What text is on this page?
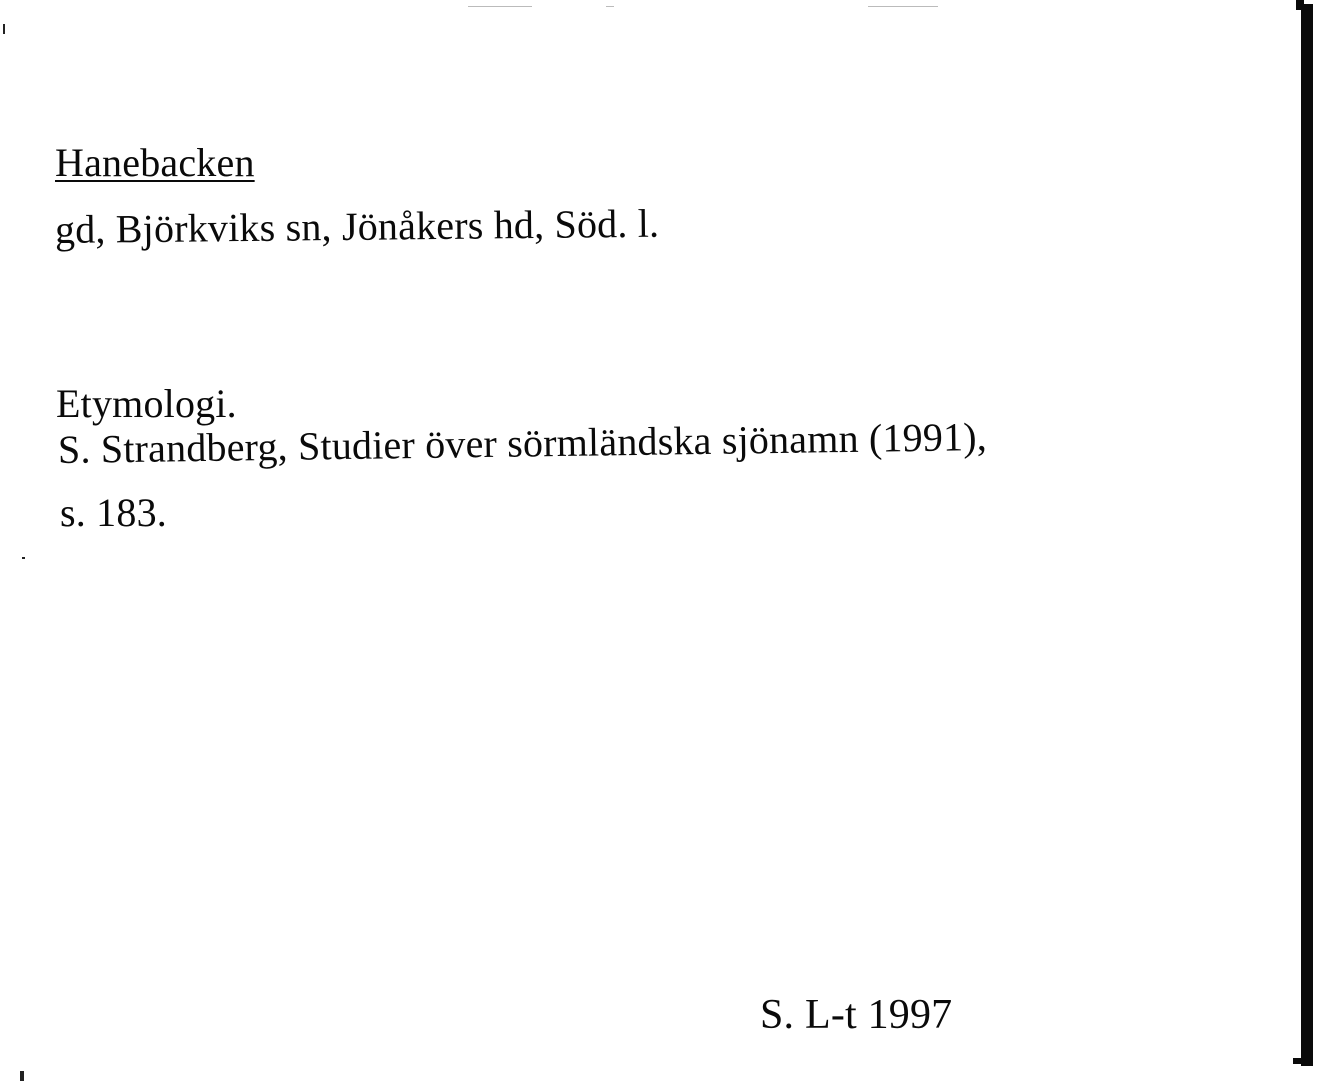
Hanebacken
gd, Björkviks sn, Jönåkers hd, Söd. l.
Etymologi.
S. Strandberg, Studier över sörmländska sjönamn (1991),
s. 183.
S. L-t 1997
